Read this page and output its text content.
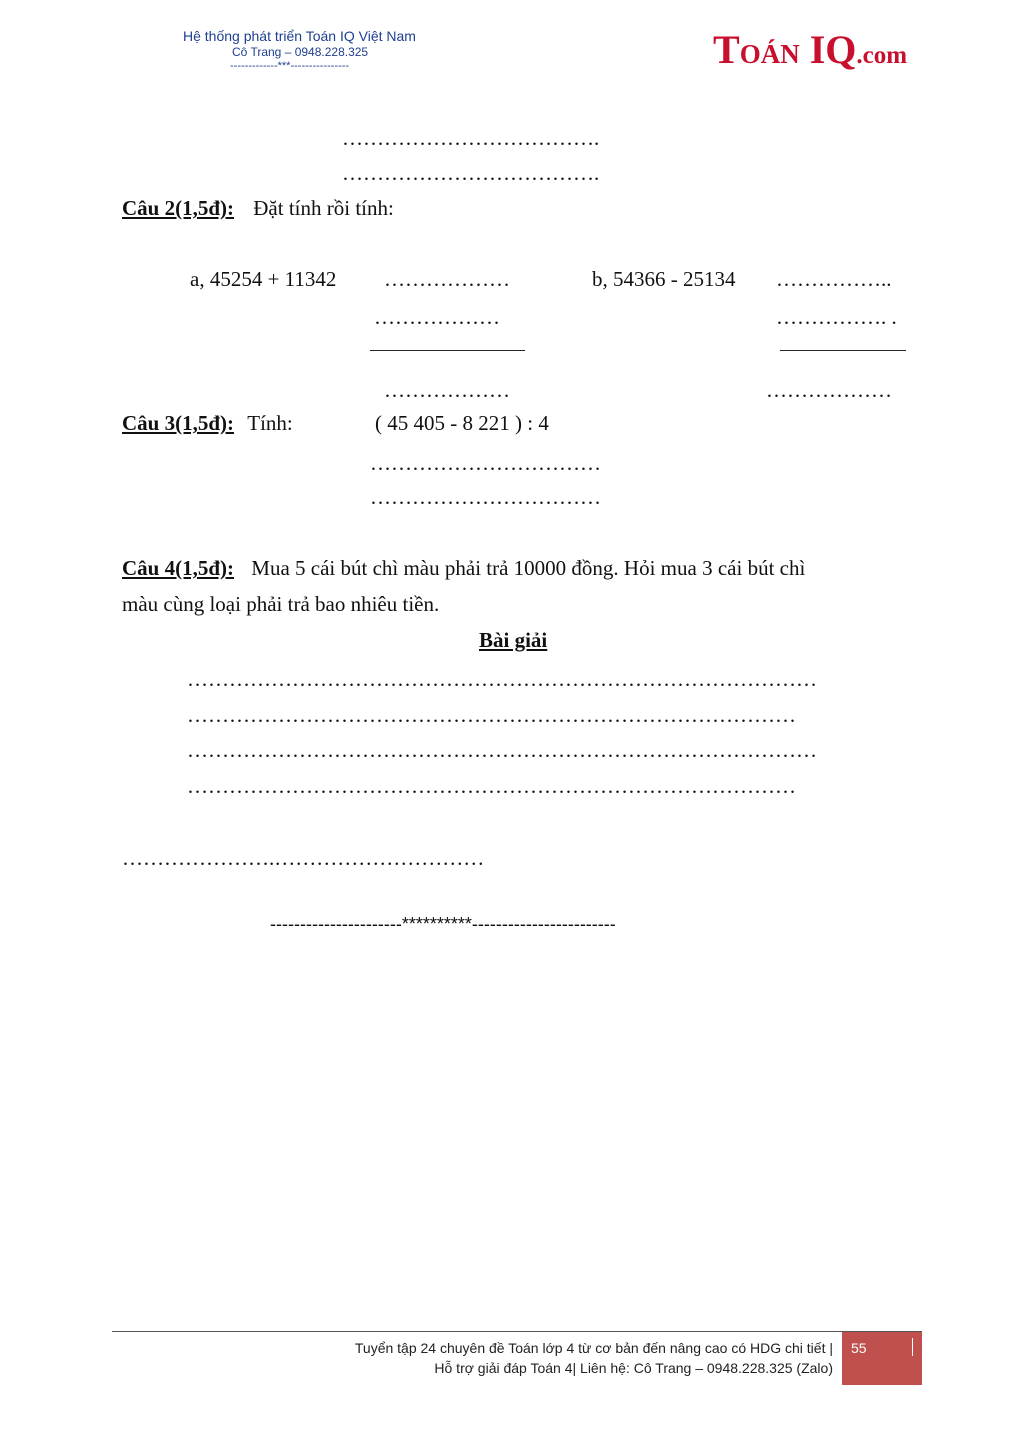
Hệ thống phát triển Toán IQ Việt Nam
Cô Trang – 0948.228.325
-------------***----------------	TOÁN IQ.com
……………………………….
……………………………….
Câu 2(1,5đ): Đặt tính rồi tính:
a, 45254 + 11342 ………………
………………
………………
b, 54366 - 25134 ……………..
……………. .
………………
Câu 3(1,5đ): Tính:	( 45 405 - 8 221 ) : 4
……………………………
……………………………
Câu 4(1,5đ): Mua 5 cái bút chì màu phải trả 10000 đồng. Hỏi mua 3 cái bút chì
màu cùng loại phải trả bao nhiêu tiền.
Bài giải
………………………………………………………………………………
……………………………………………………………………………
………………………………………………………………………………
……………………………………………………………………………
………………….…………………………
----------------------**********------------------------
Tuyển tập 24 chuyên đề Toán lớp 4 từ cơ bản đến nâng cao có HDG chi tiết |
Hỗ trợ giải đáp Toán 4| Liên hệ: Cô Trang – 0948.228.325 (Zalo)
55
